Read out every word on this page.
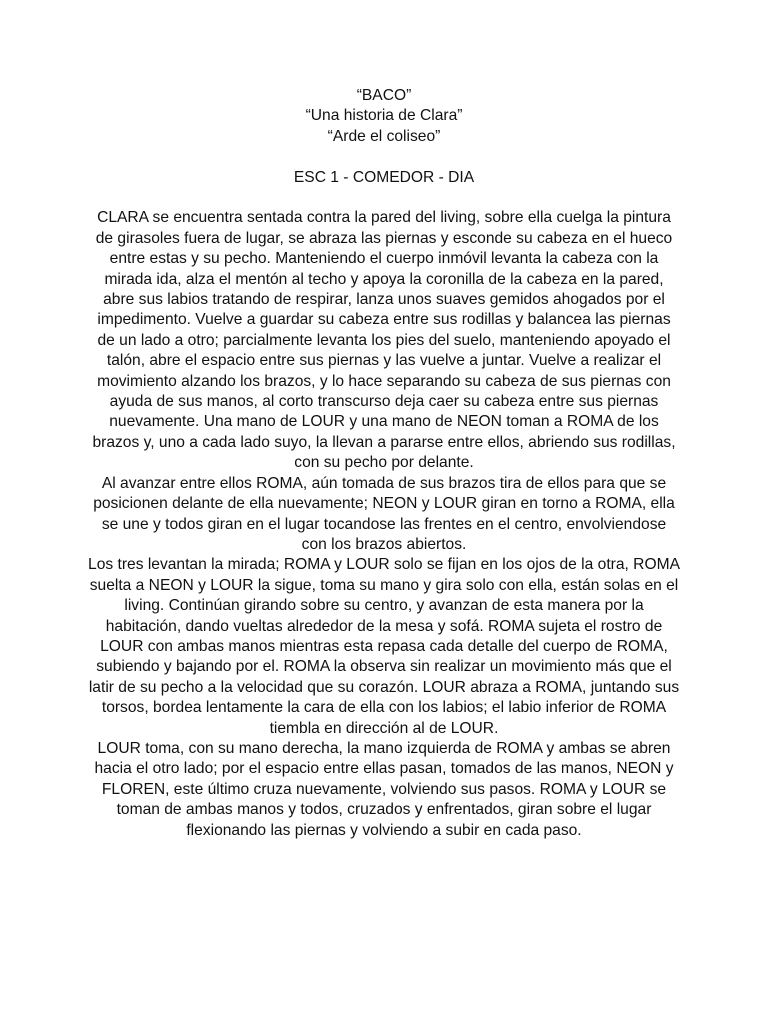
“BACO”
“Una historia de Clara”
“Arde el coliseo”
ESC 1 - COMEDOR - DIA

CLARA se encuentra sentada contra la pared del living, sobre ella cuelga la pintura de girasoles fuera de lugar, se abraza las piernas y esconde su cabeza en el hueco entre estas y su pecho. Manteniendo el cuerpo inmóvil levanta la cabeza con la mirada ida, alza el mentón al techo y apoya la coronilla de la cabeza en la pared, abre sus labios tratando de respirar, lanza unos suaves gemidos ahogados por el impedimento. Vuelve a guardar su cabeza entre sus rodillas y balancea las piernas de un lado a otro; parcialmente levanta los pies del suelo, manteniendo apoyado el talón, abre el espacio entre sus piernas y las vuelve a juntar. Vuelve a realizar el movimiento alzando los brazos, y lo hace separando su cabeza de sus piernas con ayuda de sus manos, al corto transcurso deja caer su cabeza entre sus piernas nuevamente. Una mano de LOUR y una mano de NEON toman a ROMA de los brazos y, uno a cada lado suyo, la llevan a pararse entre ellos, abriendo sus rodillas, con su pecho por delante.

Al avanzar entre ellos ROMA, aún tomada de sus brazos tira de ellos para que se posicionen delante de ella nuevamente; NEON y LOUR giran en torno a ROMA, ella se une y todos giran en el lugar tocandose las frentes en el centro, envolviendose con los brazos abiertos.

Los tres levantan la mirada; ROMA y LOUR solo se fijan en los ojos de la otra, ROMA suelta a NEON y LOUR la sigue, toma su mano y gira solo con ella, están solas en el living. Continúan girando sobre su centro, y avanzan de esta manera por la habitación, dando vueltas alrededor de la mesa y sofá. ROMA sujeta el rostro de LOUR con ambas manos mientras esta repasa cada detalle del cuerpo de ROMA, subiendo y bajando por el. ROMA la observa sin realizar un movimiento más que el latir de su pecho a la velocidad que su corazón. LOUR abraza a ROMA, juntando sus torsos, bordea lentamente la cara de ella con los labios; el labio inferior de ROMA tiembla en dirección al de LOUR.

LOUR toma, con su mano derecha, la mano izquierda de ROMA y ambas se abren hacia el otro lado; por el espacio entre ellas pasan, tomados de las manos, NEON y FLOREN, este último cruza nuevamente, volviendo sus pasos. ROMA y LOUR se toman de ambas manos y todos, cruzados y enfrentados, giran sobre el lugar flexionando las piernas y volviendo a subir en cada paso.
